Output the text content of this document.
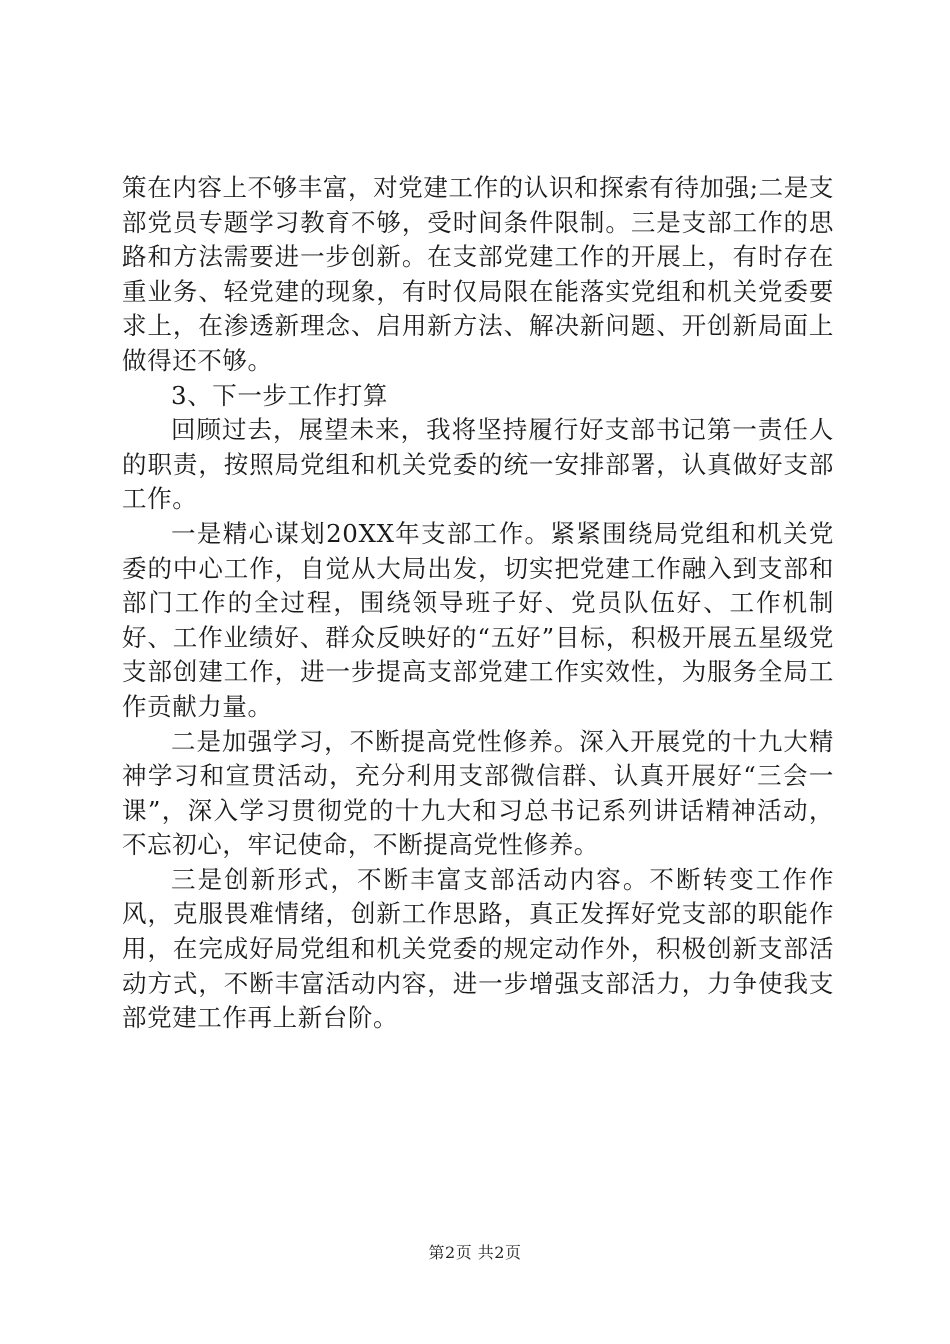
策在内容上不够丰富，对党建工作的认识和探索有待加强;二是支部党员专题学习教育不够，受时间条件限制。三是支部工作的思路和方法需要进一步创新。在支部党建工作的开展上，有时存在重业务、轻党建的现象，有时仅局限在能落实党组和机关党委要求上，在渗透新理念、启用新方法、解决新问题、开创新局面上做得还不够。

3、下一步工作打算

回顾过去，展望未来，我将坚持履行好支部书记第一责任人的职责，按照局党组和机关党委的统一安排部署，认真做好支部工作。

一是精心谋划20XX年支部工作。紧紧围绕局党组和机关党委的中心工作，自觉从大局出发，切实把党建工作融入到支部和部门工作的全过程，围绕领导班子好、党员队伍好、工作机制好、工作业绩好、群众反映好的“五好”目标，积极开展五星级党支部创建工作，进一步提高支部党建工作实效性，为服务全局工作贡献力量。

二是加强学习，不断提高党性修养。深入开展党的十九大精神学习和宣贯活动，充分利用支部微信群、认真开展好“三会一课”，深入学习贯彻党的十九大和习总书记系列讲话精神活动，不忘初心，牢记使命，不断提高党性修养。

三是创新形式，不断丰富支部活动内容。不断转变工作作风，克服畏难情绪，创新工作思路，真正发挥好党支部的职能作用，在完成好局党组和机关党委的规定动作外，积极创新支部活动方式，不断丰富活动内容，进一步增强支部活力，力争使我支部党建工作再上新台阶。

第2页 共2页
